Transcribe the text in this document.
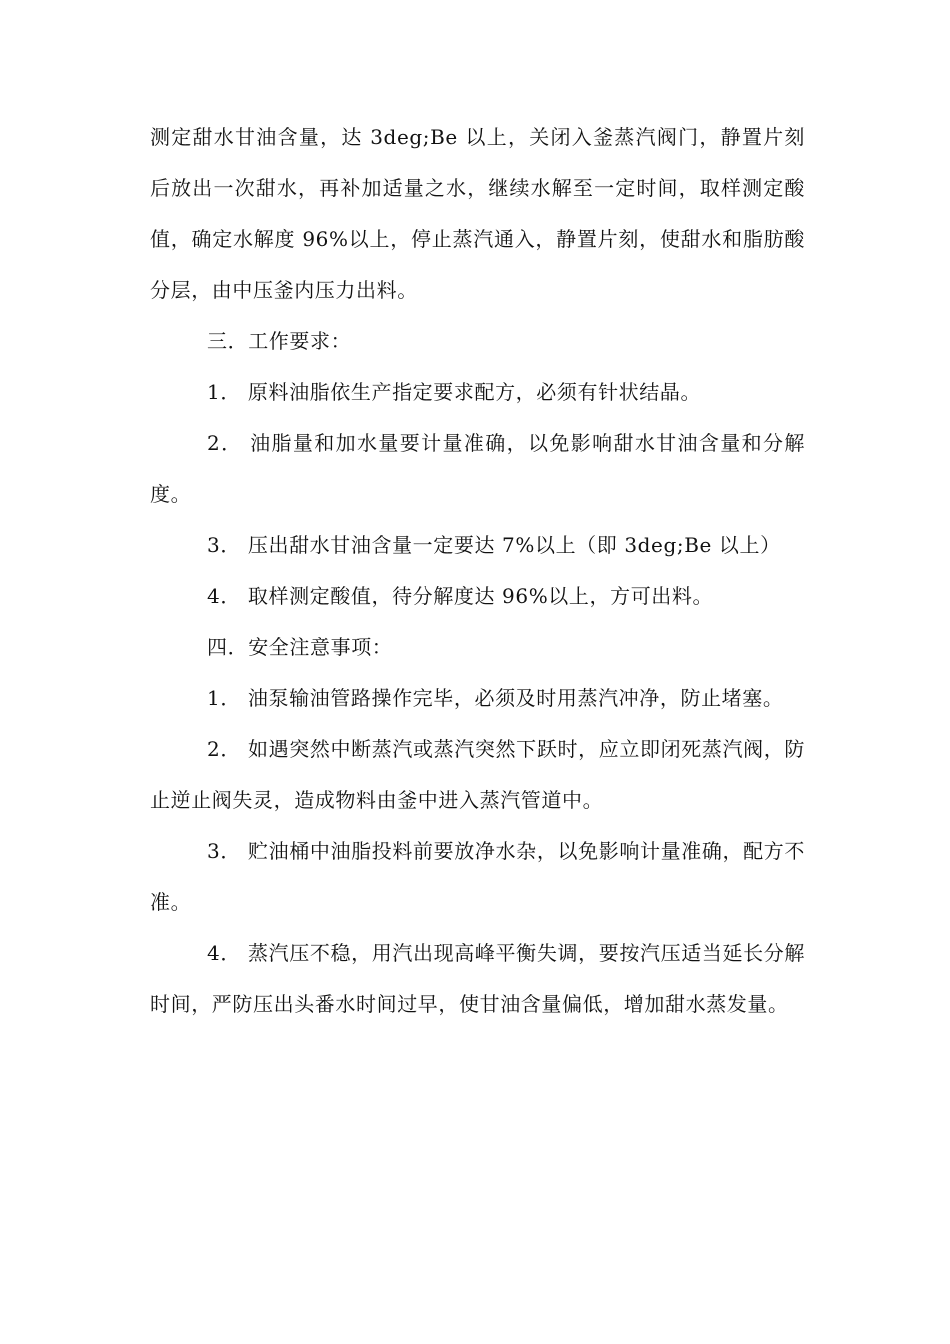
测定甜水甘油含量，达 3deg;Be 以上，关闭入釜蒸汽阀门，静置片刻后放出一次甜水，再补加适量之水，继续水解至一定时间，取样测定酸值，确定水解度 96%以上，停止蒸汽通入，静置片刻，使甜水和脂肪酸分层，由中压釜内压力出料。

三．工作要求：

1． 原料油脂依生产指定要求配方，必须有针状结晶。

2． 油脂量和加水量要计量准确，以免影响甜水甘油含量和分解度。

3． 压出甜水甘油含量一定要达 7%以上（即 3deg;Be 以上）

4． 取样测定酸值，待分解度达 96%以上，方可出料。

四．安全注意事项：

1． 油泵输油管路操作完毕，必须及时用蒸汽冲净，防止堵塞。

2． 如遇突然中断蒸汽或蒸汽突然下跃时，应立即闭死蒸汽阀，防止逆止阀失灵，造成物料由釜中进入蒸汽管道中。

3． 贮油桶中油脂投料前要放净水杂，以免影响计量准确，配方不准。

4． 蒸汽压不稳，用汽出现高峰平衡失调，要按汽压适当延长分解时间，严防压出头番水时间过早，使甘油含量偏低，增加甜水蒸发量。
